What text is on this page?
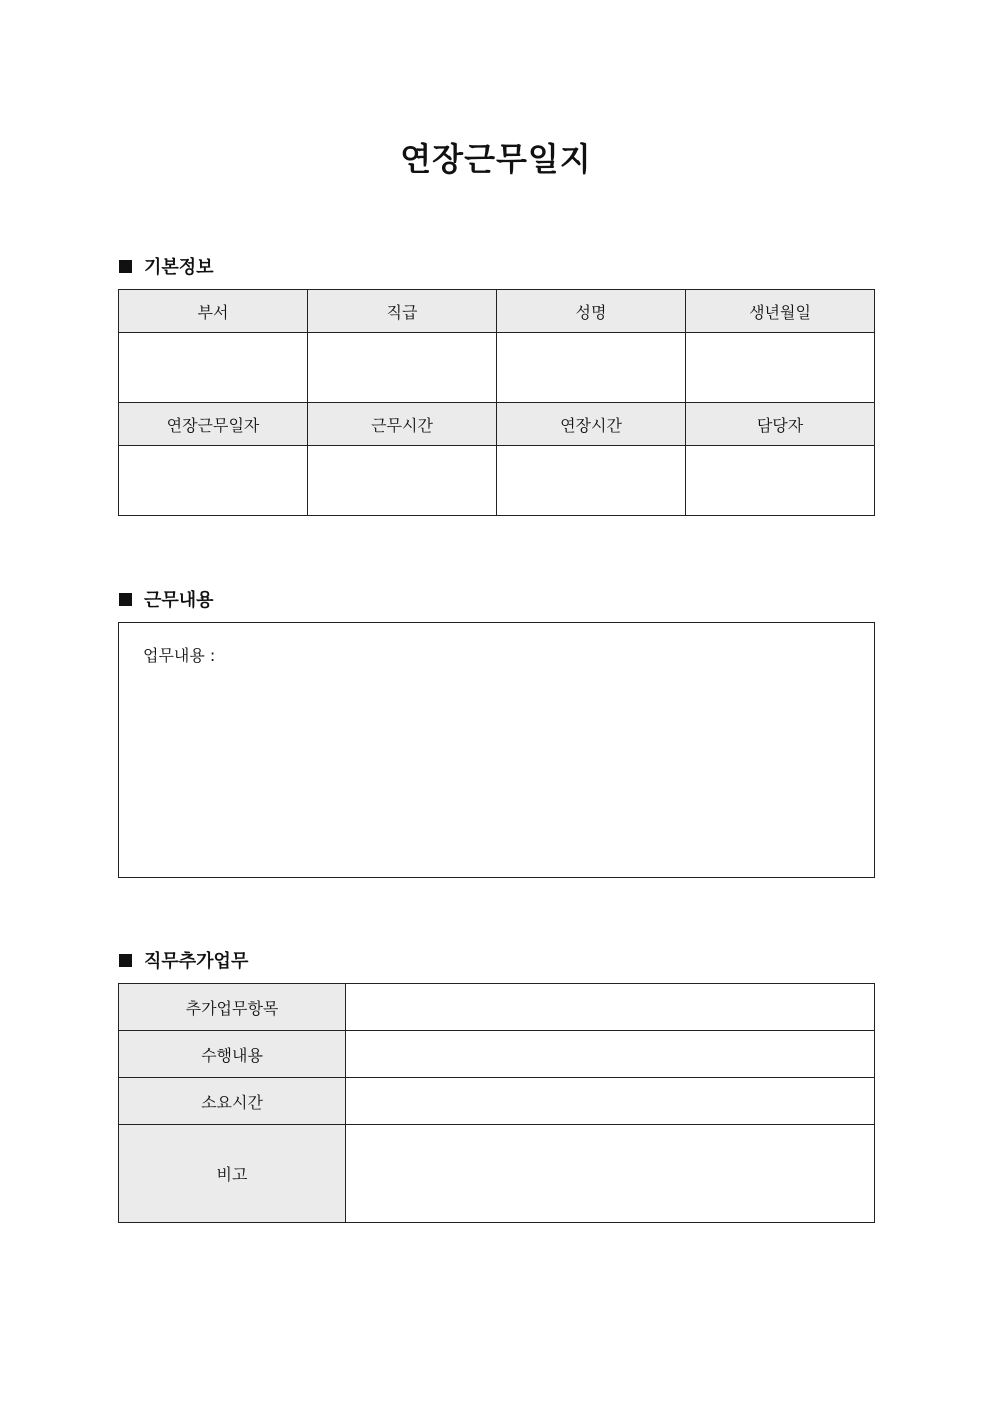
연장근무일지
기본정보
부서	직급	성명	생년월일

연장근무일자	근무시간	연장시간	담당자

근무내용
업무내용 :
직무추가업무
추가업무항목	
수행내용	
소요시간	
비고	
